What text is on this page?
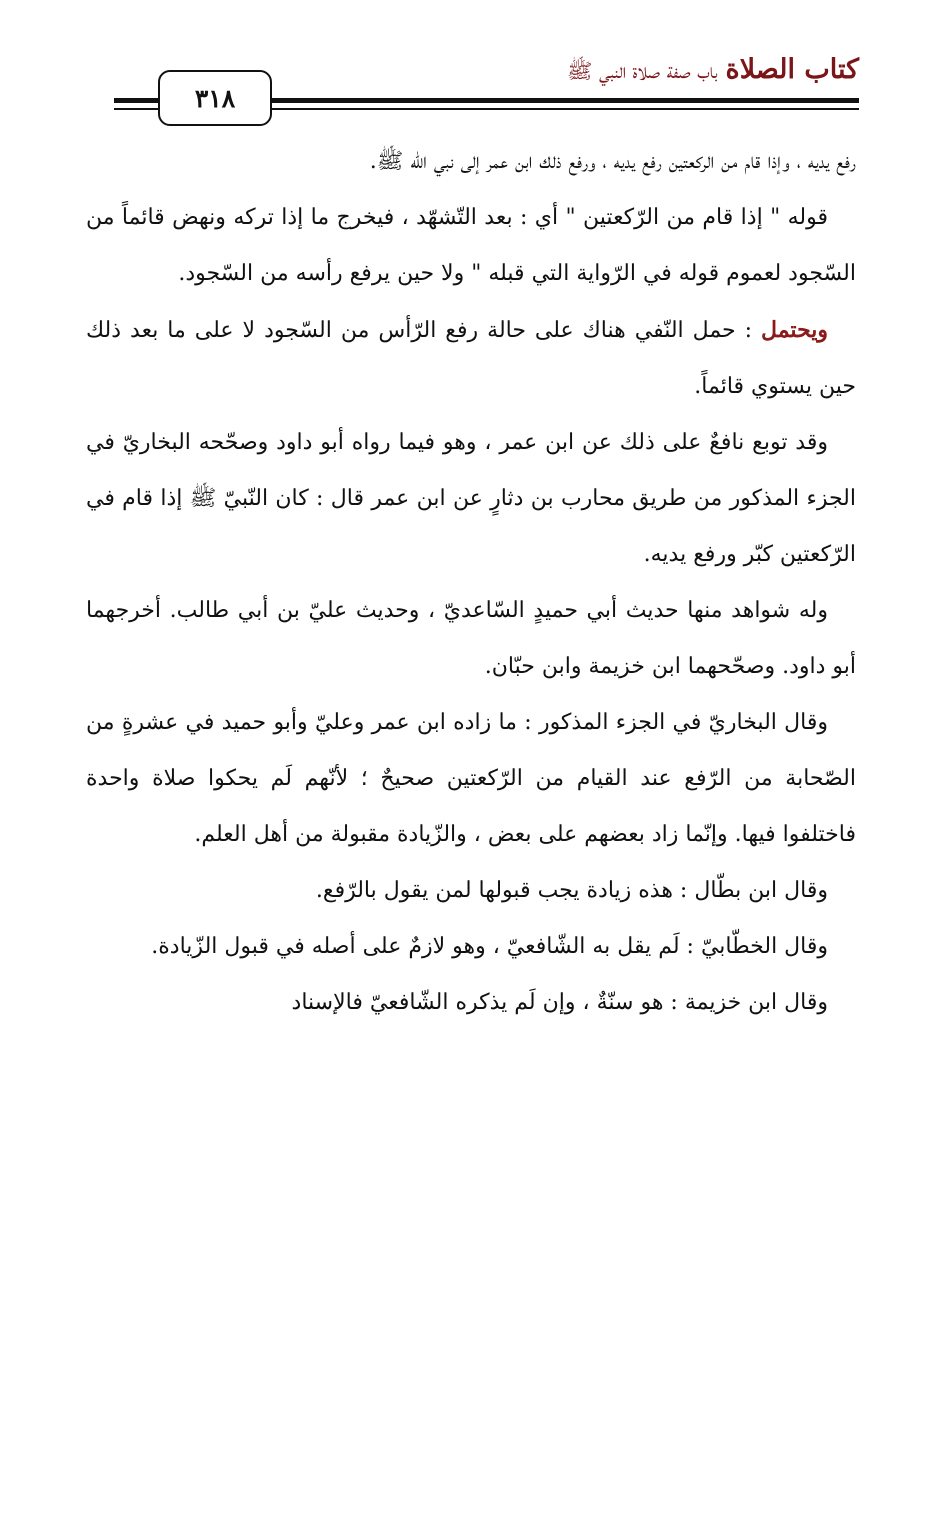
كتاب الصلاة باب صفة صلاة النبي ﷺ
٣١٨

رفع يديه ، وإذا قام من الركعتين رفع يديه ، ورفع ذلك ابن عمر إلى نبي الله ﷺ.

قوله " إذا قام من الرّكعتين " أي : بعد التّشهّد ، فيخرج ما إذا تركه ونهض قائماً من السّجود لعموم قوله في الرّواية التي قبله " ولا حين يرفع رأسه من السّجود.

ويحتمل : حمل النّفي هناك على حالة رفع الرّأس من السّجود لا على ما بعد ذلك حين يستوي قائماً.

وقد توبع نافعٌ على ذلك عن ابن عمر ، وهو فيما رواه أبو داود وصحّحه البخاريّ في الجزء المذكور من طريق محارب بن دثارٍ عن ابن عمر قال : كان النّبيّ ﷺ إذا قام في الرّكعتين كبّر ورفع يديه.

وله شواهد منها حديث أبي حميدٍ السّاعديّ ، وحديث عليّ بن أبي طالب. أخرجهما أبو داود. وصحّحهما ابن خزيمة وابن حبّان.

وقال البخاريّ في الجزء المذكور : ما زاده ابن عمر وعليّ وأبو حميد في عشرةٍ من الصّحابة من الرّفع عند القيام من الرّكعتين صحيحٌ ؛ لأنّهم لَم يحكوا صلاة واحدة فاختلفوا فيها. وإنّما زاد بعضهم على بعض ، والزّيادة مقبولة من أهل العلم.

وقال ابن بطّال : هذه زيادة يجب قبولها لمن يقول بالرّفع.

وقال الخطّابيّ : لَم يقل به الشّافعيّ ، وهو لازمٌ على أصله في قبول الزّيادة.

وقال ابن خزيمة : هو سنّةٌ ، وإن لَم يذكره الشّافعيّ فالإسناد
